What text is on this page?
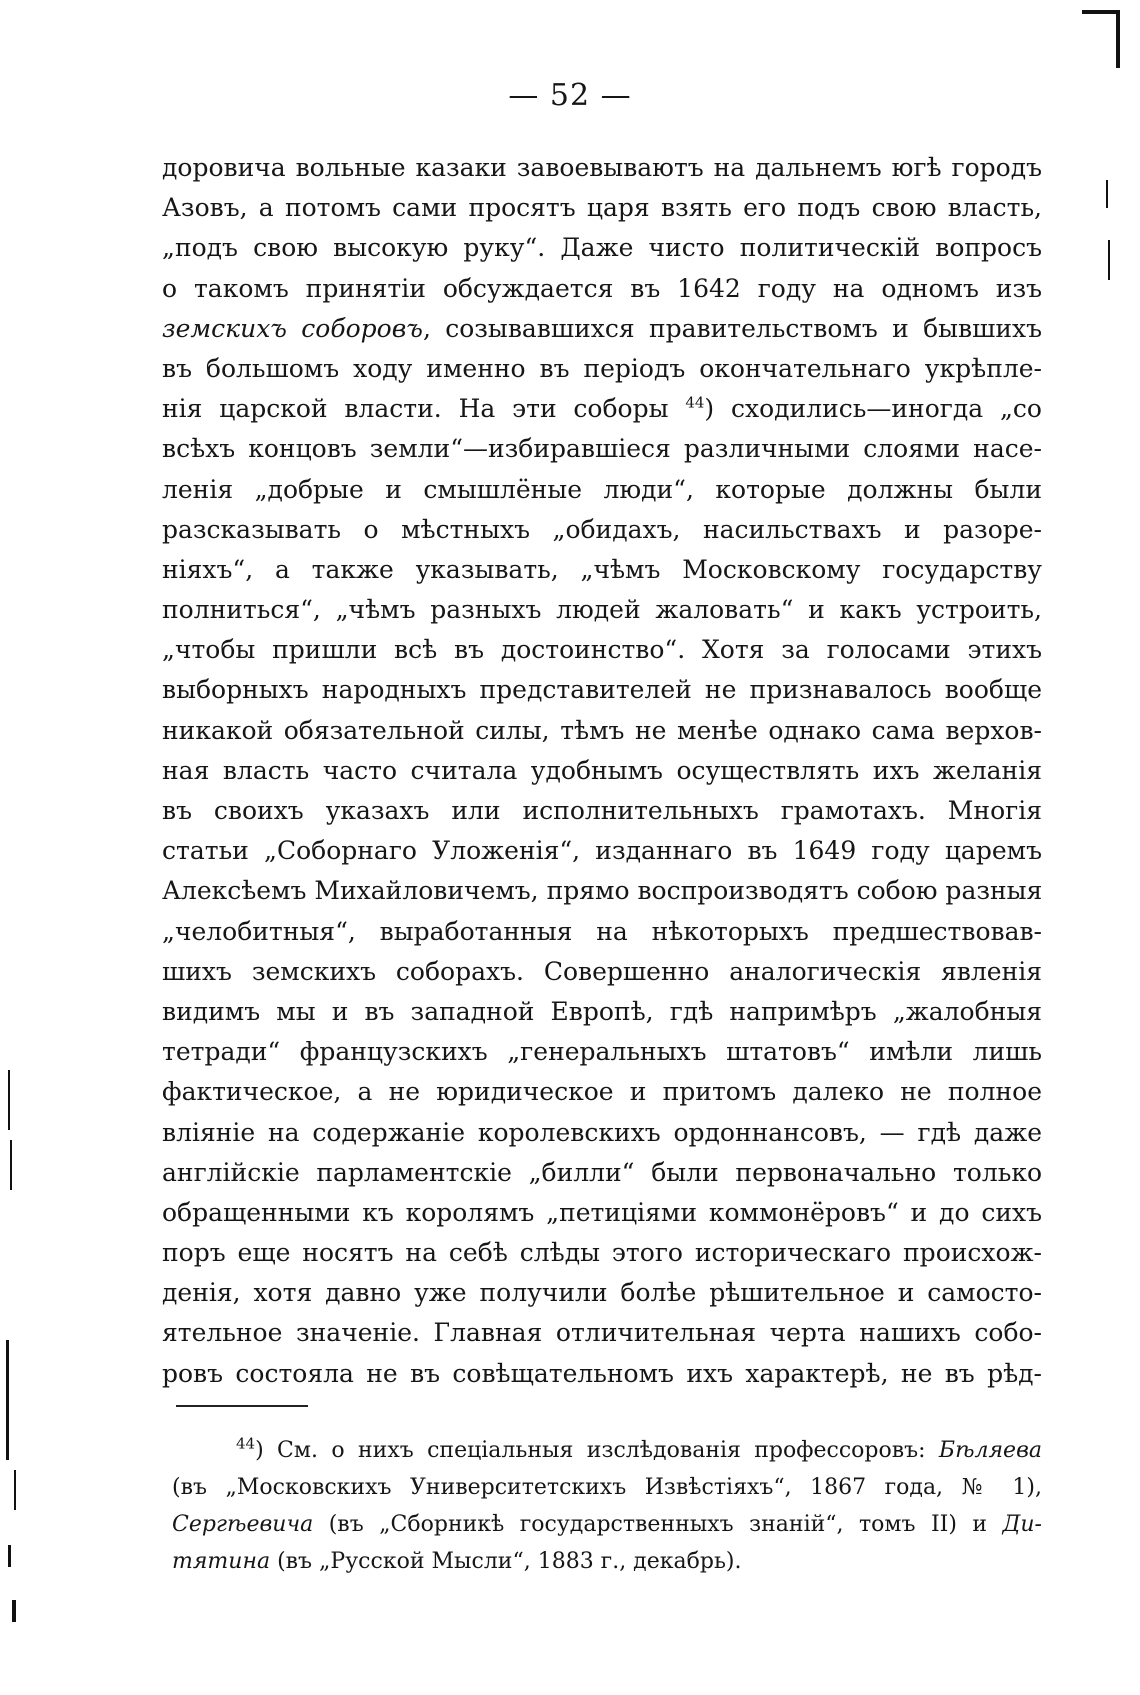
— 52 —
доровича вольные казаки завоевываютъ на дальнемъ югѣ городъ
Азовъ, а потомъ сами просятъ царя взять его подъ свою власть,
„подъ свою высокую руку“. Даже чисто политическій вопросъ
о такомъ принятіи обсуждается въ 1642 году на одномъ изъ
земскихъ соборовъ, созывавшихся правительствомъ и бывшихъ
въ большомъ ходу именно въ періодъ окончательнаго укрѣпле-
нія царской власти. На эти соборы $^{44}$) сходились—иногда „со
всѣхъ концовъ земли“—избиравшіеся различными слоями насе-
ленія „добрые и смышлёные люди“, которые должны были
разсказывать о мѣстныхъ „обидахъ, насильствахъ и разоре-
ніяхъ“, а также указывать, „чѣмъ Московскому государству
полниться“, „чѣмъ разныхъ людей жаловать“ и какъ устроить,
„чтобы пришли всѣ въ достоинство“. Хотя за голосами этихъ
выборныхъ народныхъ представителей не признавалось вообще
никакой обязательной силы, тѣмъ не менѣе однако сама верхов-
ная власть часто считала удобнымъ осуществлять ихъ желанія
въ своихъ указахъ или исполнительныхъ грамотахъ. Многія
статьи „Соборнаго Уложенія“, изданнаго въ 1649 году царемъ
Алексѣемъ Михайловичемъ, прямо воспроизводятъ собою разныя
„челобитныя“, выработанныя на нѣкоторыхъ предшествовав-
шихъ земскихъ соборахъ. Совершенно аналогическія явленія
видимъ мы и въ западной Европѣ, гдѣ напримѣръ „жалобныя
тетради“ французскихъ „генеральныхъ штатовъ“ имѣли лишь
фактическое, а не юридическое и притомъ далеко не полное
вліяніе на содержаніе королевскихъ ордоннансовъ, — гдѣ даже
англійскіе парламентскіе „билли“ были первоначально только
обращенными къ королямъ „петиціями коммонёровъ“ и до сихъ
поръ еще носятъ на себѣ слѣды этого историческаго происхож-
денія, хотя давно уже получили болѣе рѣшительное и самосто-
ятельное значеніе. Главная отличительная черта нашихъ собо-
ровъ состояла не въ совѣщательномъ ихъ характерѣ, не въ рѣд-
$^{44}$) См. о нихъ спеціальныя изслѣдованія профессоровъ: Бѣляева
(въ „Московскихъ Университетскихъ Извѣстіяхъ“, 1867 года, № 1),
Сергѣевича (въ „Сборникѣ государственныхъ знаній“, томъ II) и Ди-
тятина (въ „Русской Мысли“, 1883 г., декабрь).
